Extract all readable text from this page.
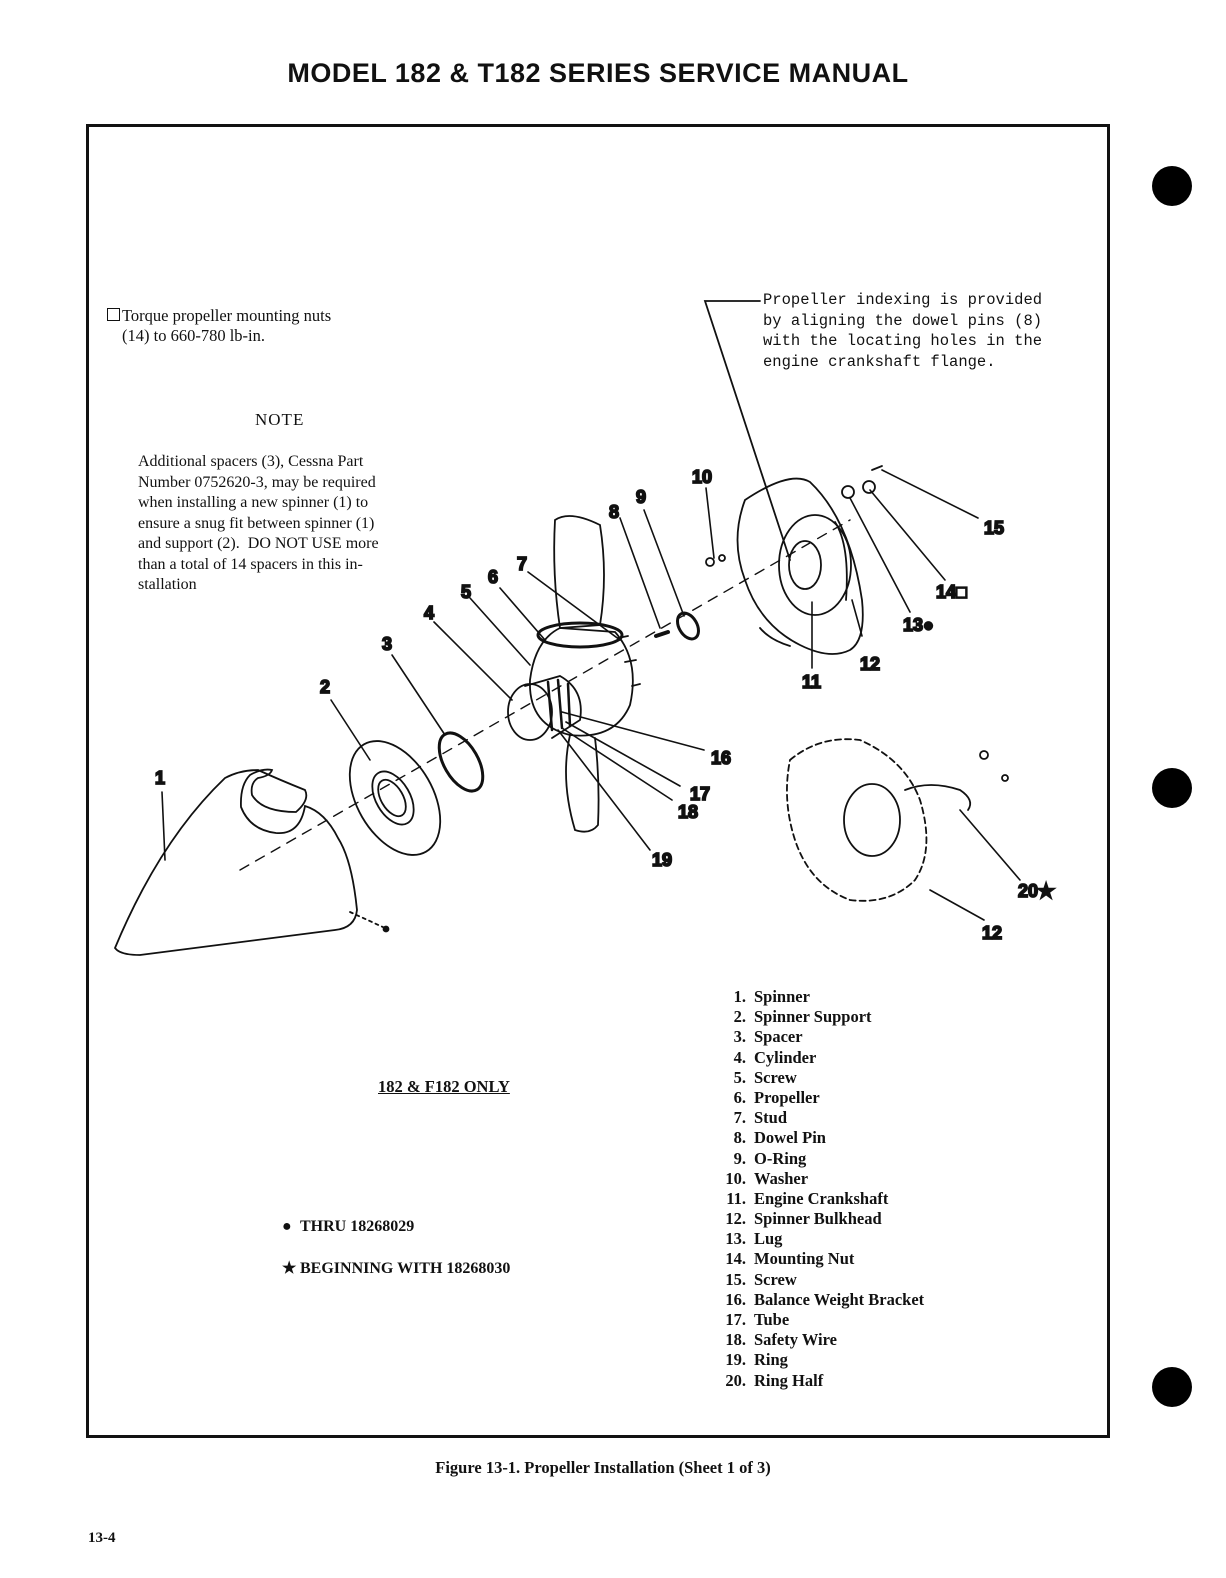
MODEL 182 & T182 SERIES SERVICE MANUAL
Torque propeller mounting nuts
(14) to 660-780 lb-in.
Propeller indexing is provided
by aligning the dowel pins (8)
with the locating holes in the
engine crankshaft flange.
NOTE
Additional spacers (3), Cessna Part
Number 0752620-3, may be required
when installing a new spinner (1) to
ensure a snug fit between spinner (1)
and support (2).  DO NOT USE more
than a total of 14 spacers in this in-
stallation
1
2
3
4
5
6
7
8
9
10
11
12
13●
14□
15
16
17
18
19
20★
12
182 & F182 ONLY
● THRU 18268029
★ BEGINNING WITH 18268030
1. Spinner
2. Spinner Support
3. Spacer
4. Cylinder
5. Screw
6. Propeller
7. Stud
8. Dowel Pin
9. O-Ring
10. Washer
11. Engine Crankshaft
12. Spinner Bulkhead
13. Lug
14. Mounting Nut
15. Screw
16. Balance Weight Bracket
17. Tube
18. Safety Wire
19. Ring
20. Ring Half
Figure 13-1. Propeller Installation (Sheet 1 of 3)
13-4
